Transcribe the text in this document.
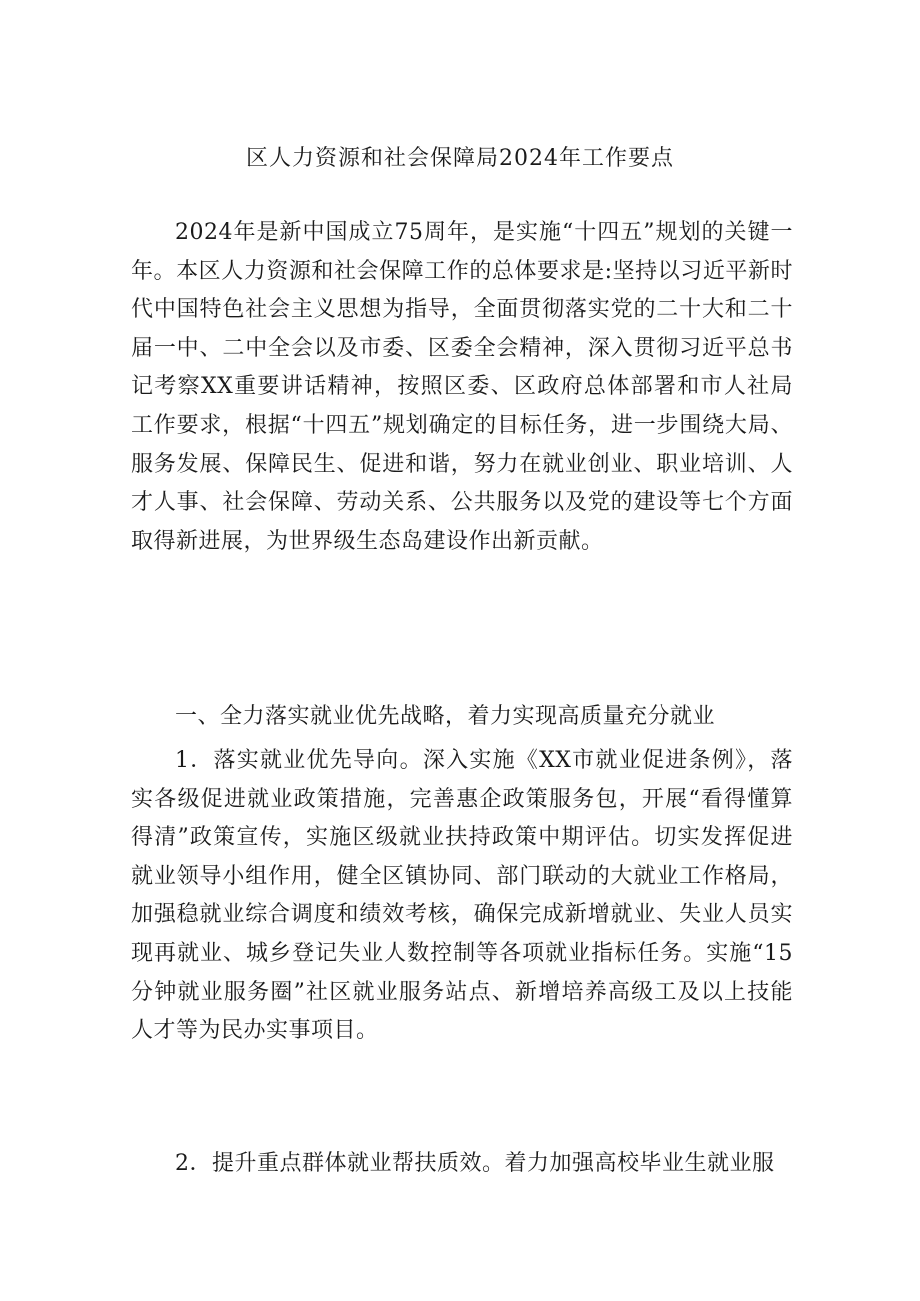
区人力资源和社会保障局2024年工作要点

2024年是新中国成立75周年，是实施“十四五”规划的关键一年。本区人力资源和社会保障工作的总体要求是:坚持以习近平新时代中国特色社会主义思想为指导，全面贯彻落实党的二十大和二十届一中、二中全会以及市委、区委全会精神，深入贯彻习近平总书记考察XX重要讲话精神，按照区委、区政府总体部署和市人社局工作要求，根据“十四五”规划确定的目标任务，进一步围绕大局、服务发展、保障民生、促进和谐，努力在就业创业、职业培训、人才人事、社会保障、劳动关系、公共服务以及党的建设等七个方面取得新进展，为世界级生态岛建设作出新贡献。

一、全力落实就业优先战略，着力实现高质量充分就业

1．落实就业优先导向。深入实施《XX市就业促进条例》，落实各级促进就业政策措施，完善惠企政策服务包，开展“看得懂算得清”政策宣传，实施区级就业扶持政策中期评估。切实发挥促进就业领导小组作用，健全区镇协同、部门联动的大就业工作格局，加强稳就业综合调度和绩效考核，确保完成新增就业、失业人员实现再就业、城乡登记失业人数控制等各项就业指标任务。实施“15分钟就业服务圈”社区就业服务站点、新增培养高级工及以上技能人才等为民办实事项目。

2．提升重点群体就业帮扶质效。着力加强高校毕业生就业服
